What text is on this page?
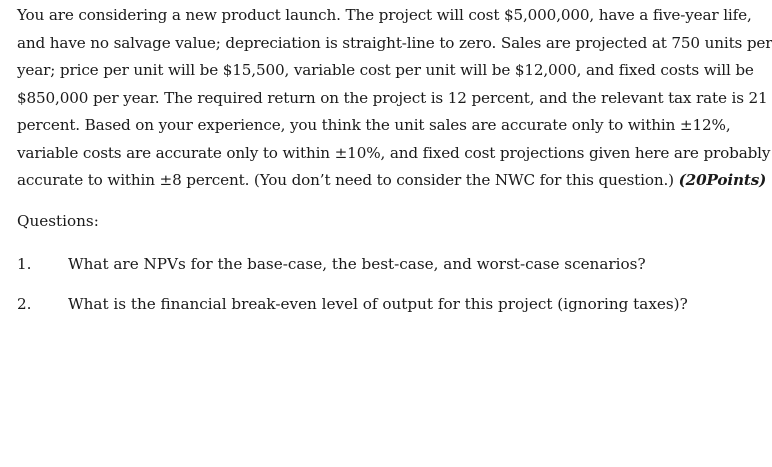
You are considering a new product launch. The project will cost $5,000,000, have a five-year life,
and have no salvage value; depreciation is straight-line to zero. Sales are projected at 750 units per
year; price per unit will be $15,500, variable cost per unit will be $12,000, and fixed costs will be
$850,000 per year. The required return on the project is 12 percent, and the relevant tax rate is 21
percent. Based on your experience, you think the unit sales are accurate only to within ±12%,
variable costs are accurate only to within ±10%, and fixed cost projections given here are probably
accurate to within ±8 percent. (You don’t need to consider the NWC for this question.) (20Points)
Questions:
1. What are NPVs for the base-case, the best-case, and worst-case scenarios?
2. What is the financial break-even level of output for this project (ignoring taxes)?
